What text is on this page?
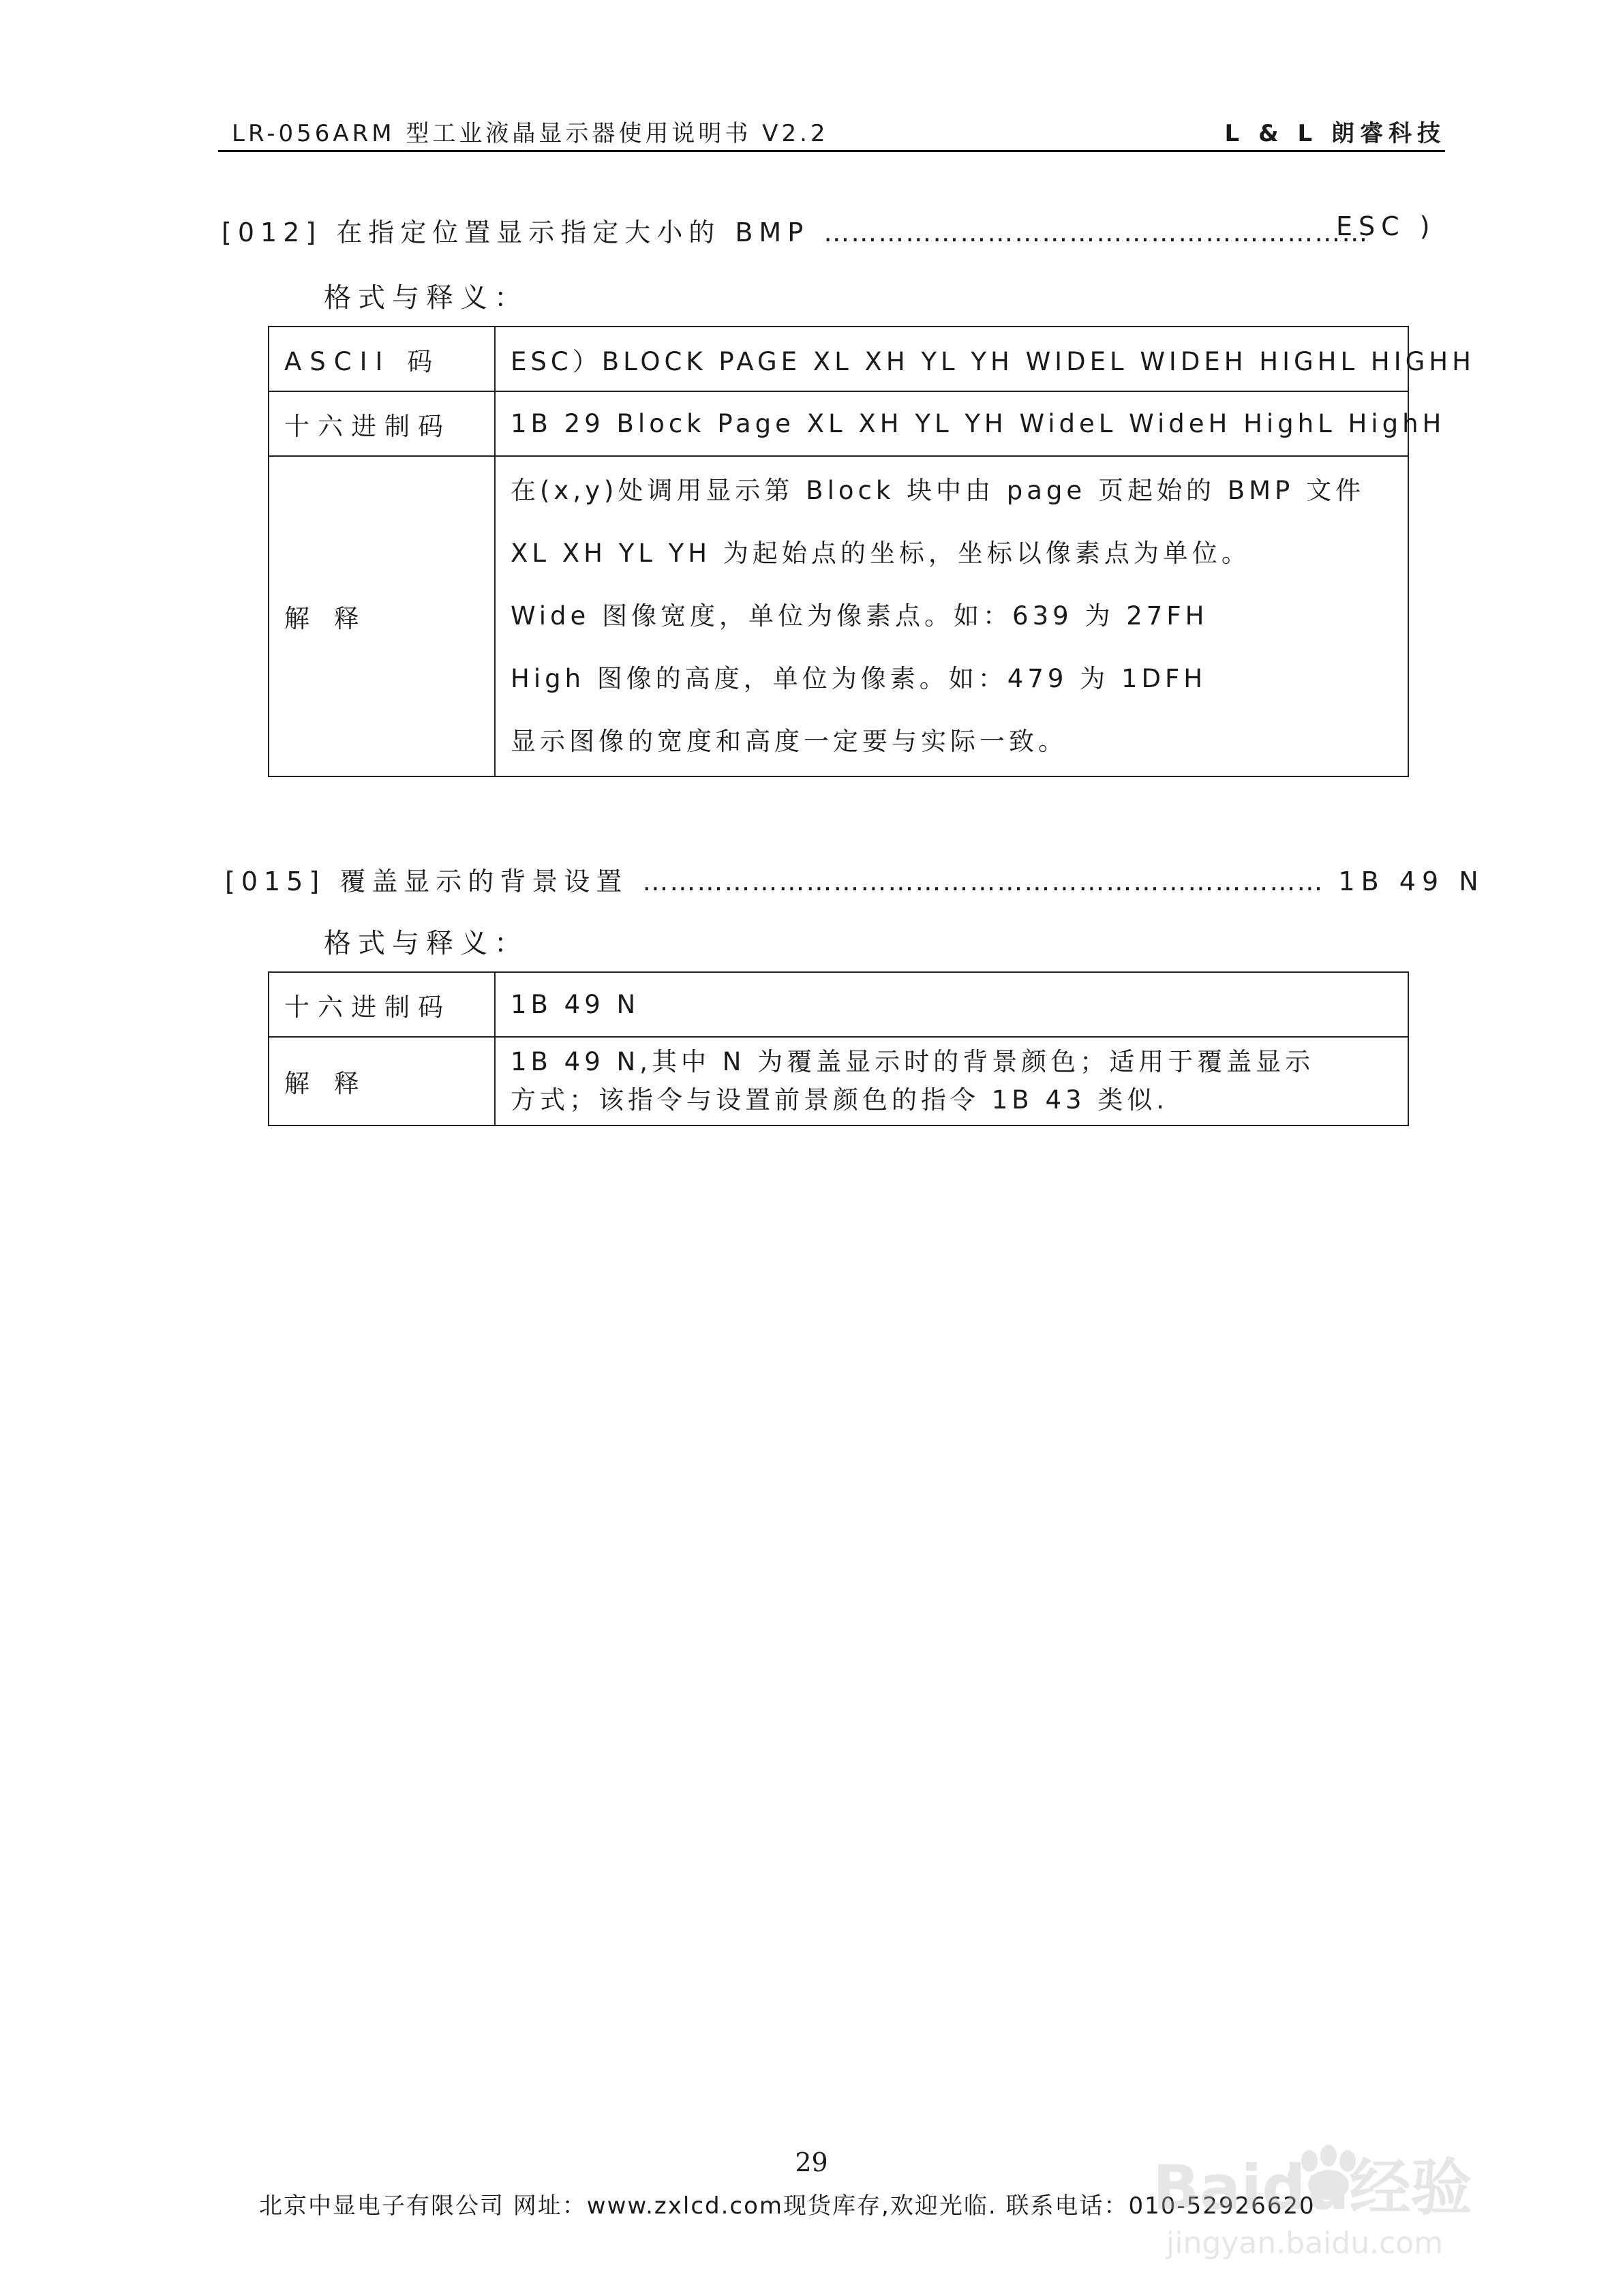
LR-056ARM 型工业液晶显示器使用说明书 V2.2	L & L 朗睿科技
[012] 在指定位置显示指定大小的 BMP ……………………………………………………
ESC )
格式与释义：
ASCII 码	ESC）BLOCK PAGE XL XH YL YH WIDEL WIDEH HIGHL HIGHH
十六进制码	1B 29 Block Page XL XH YL YH WideL WideH HighL HighH
解 释	在(x,y)处调用显示第 Block 块中由 page 页起始的 BMP 文件
XL XH YL YH 为起始点的坐标，坐标以像素点为单位。
Wide 图像宽度，单位为像素点。如：639 为 27FH
High 图像的高度，单位为像素。如：479 为 1DFH
显示图像的宽度和高度一定要与实际一致。
[015] 覆盖显示的背景设置 ………………………………………………………………… 1B 49 N
格式与释义：
十六进制码	1B 49 N
解 释	1B 49 N,其中 N 为覆盖显示时的背景颜色；适用于覆盖显示
方式；该指令与设置前景颜色的指令 1B 43 类似.
29
北京中显电子有限公司 网址：www.zxlcd.com现货库存,欢迎光临. 联系电话：010-52926620
Baidu经验
jingyan.baidu.com
